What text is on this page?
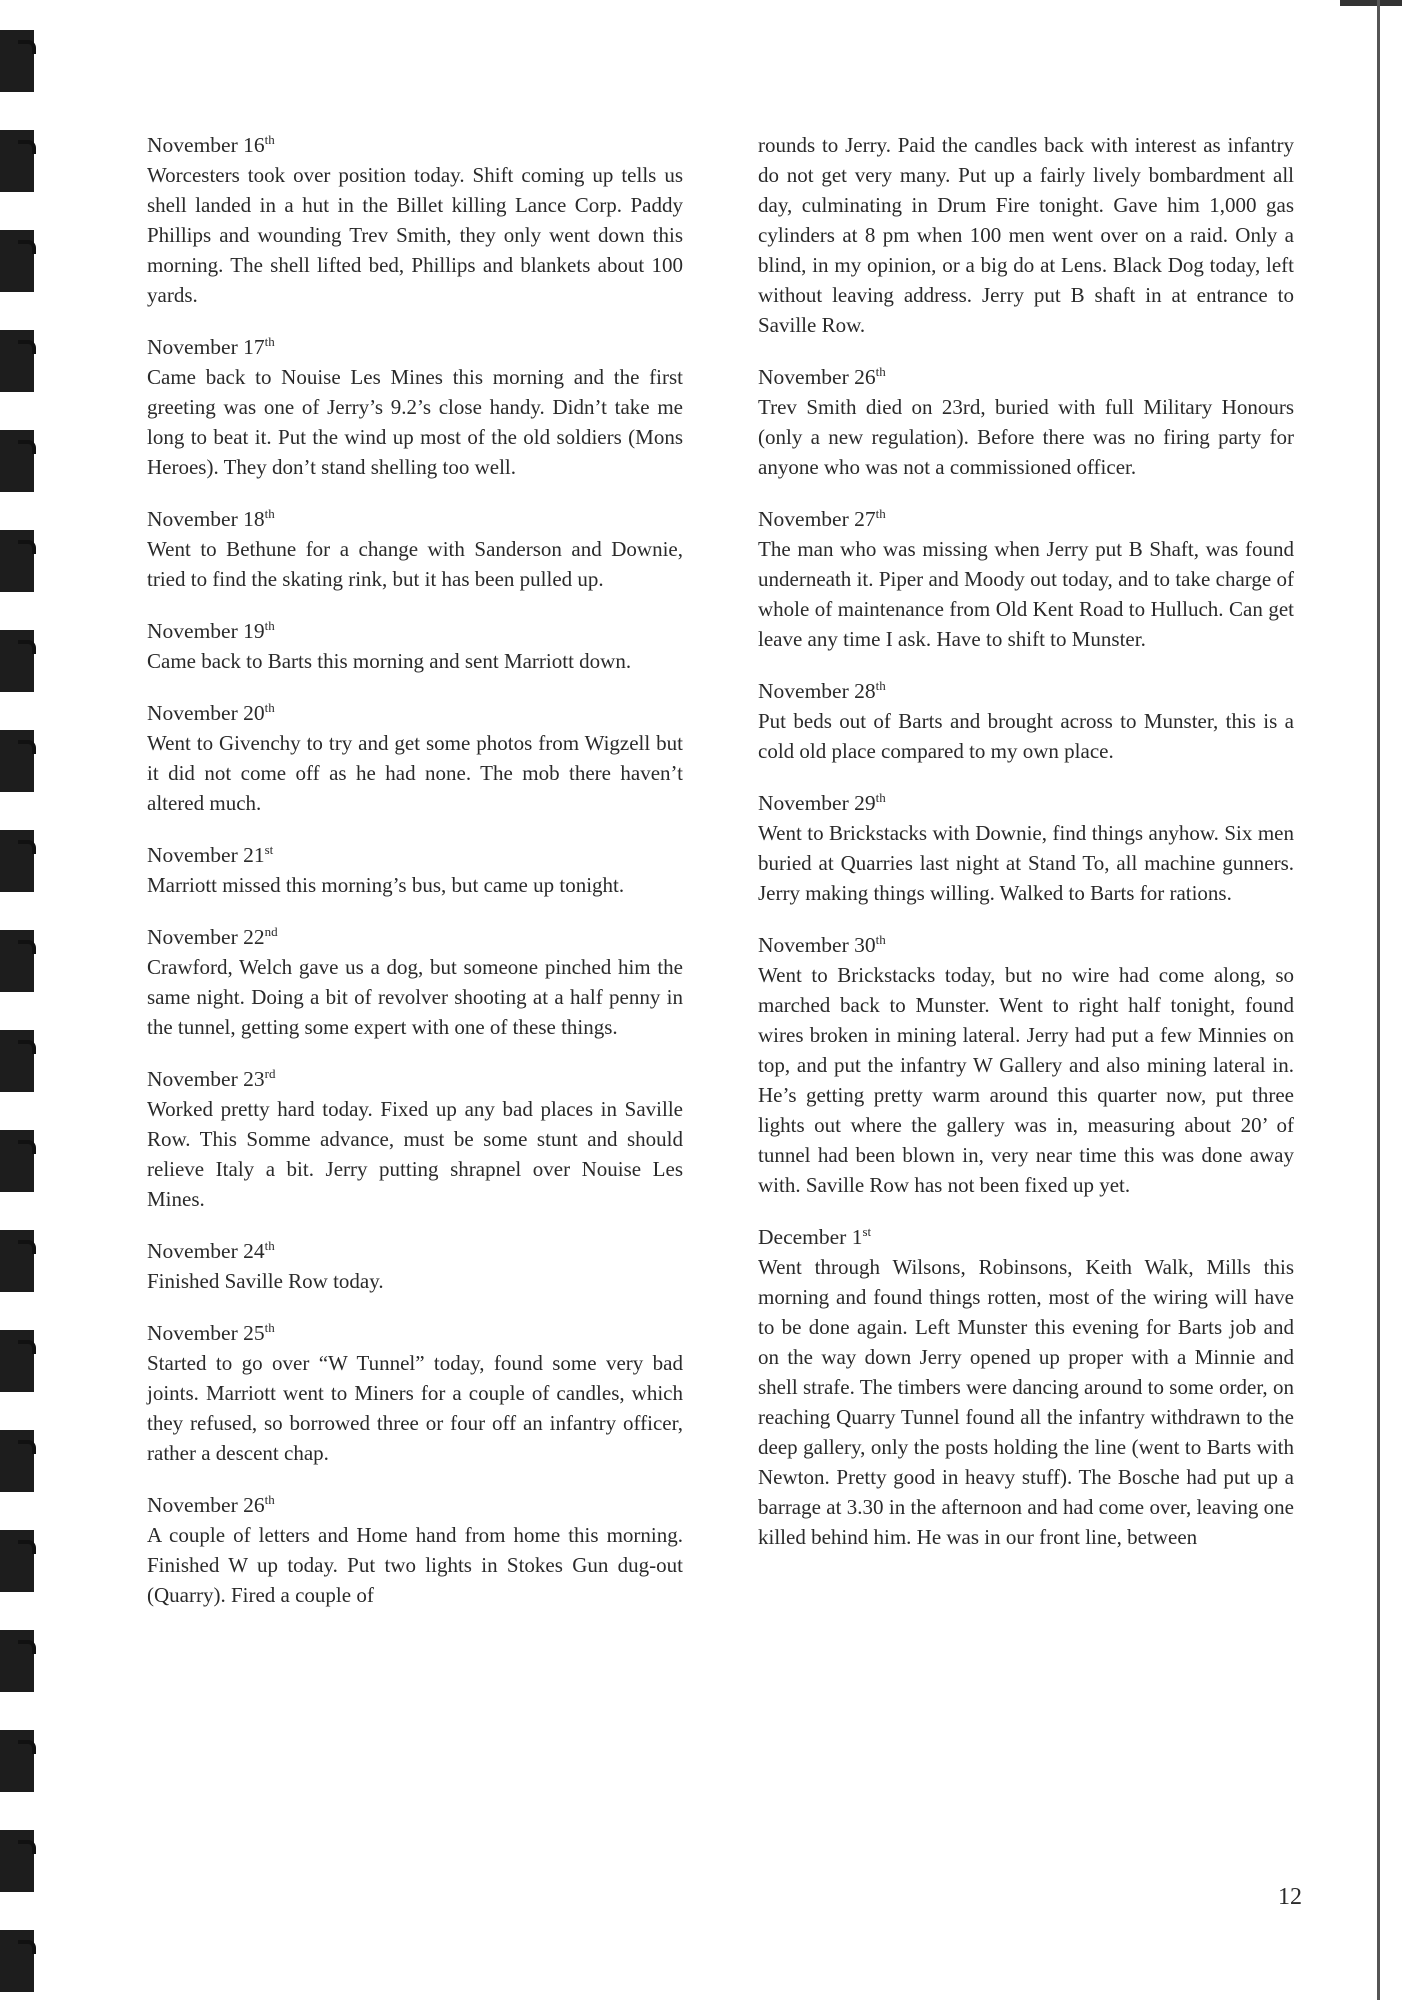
November 16th

Worcesters took over position today. Shift coming up tells us shell landed in a hut in the Billet killing Lance Corp. Paddy Phillips and wounding Trev Smith, they only went down this morning. The shell lifted bed, Phillips and blankets about 100 yards.

November 17th

Came back to Nouise Les Mines this morning and the first greeting was one of Jerry’s 9.2’s close handy. Didn’t take me long to beat it. Put the wind up most of the old soldiers (Mons Heroes). They don’t stand shelling too well.

November 18th

Went to Bethune for a change with Sanderson and Downie, tried to find the skating rink, but it has been pulled up.

November 19th

Came back to Barts this morning and sent Marriott down.

November 20th

Went to Givenchy to try and get some photos from Wigzell but it did not come off as he had none. The mob there haven’t altered much.

November 21st

Marriott missed this morning’s bus, but came up tonight.

November 22nd

Crawford, Welch gave us a dog, but someone pinched him the same night. Doing a bit of revolver shooting at a half penny in the tunnel, getting some expert with one of these things.

November 23rd

Worked pretty hard today. Fixed up any bad places in Saville Row. This Somme advance, must be some stunt and should relieve Italy a bit. Jerry putting shrapnel over Nouise Les Mines.

November 24th

Finished Saville Row today.

November 25th

Started to go over “W Tunnel” today, found some very bad joints. Marriott went to Miners for a couple of candles, which they refused, so borrowed three or four off an infantry officer, rather a descent chap.

November 26th

A couple of letters and Home hand from home this morning. Finished W up today. Put two lights in Stokes Gun dug-out (Quarry). Fired a couple of

rounds to Jerry. Paid the candles back with interest as infantry do not get very many. Put up a fairly lively bombardment all day, culminating in Drum Fire tonight. Gave him 1,000 gas cylinders at 8 pm when 100 men went over on a raid. Only a blind, in my opinion, or a big do at Lens. Black Dog today, left without leaving address. Jerry put B shaft in at entrance to Saville Row.

November 26th

Trev Smith died on 23rd, buried with full Military Honours (only a new regulation). Before there was no firing party for anyone who was not a commissioned officer.

November 27th

The man who was missing when Jerry put B Shaft, was found underneath it. Piper and Moody out today, and to take charge of whole of maintenance from Old Kent Road to Hulluch. Can get leave any time I ask. Have to shift to Munster.

November 28th

Put beds out of Barts and brought across to Munster, this is a cold old place compared to my own place.

November 29th

Went to Brickstacks with Downie, find things anyhow. Six men buried at Quarries last night at Stand To, all machine gunners. Jerry making things willing. Walked to Barts for rations.

November 30th

Went to Brickstacks today, but no wire had come along, so marched back to Munster. Went to right half tonight, found wires broken in mining lateral. Jerry had put a few Minnies on top, and put the infantry W Gallery and also mining lateral in. He’s getting pretty warm around this quarter now, put three lights out where the gallery was in, measuring about 20’ of tunnel had been blown in, very near time this was done away with. Saville Row has not been fixed up yet.

December 1st

Went through Wilsons, Robinsons, Keith Walk, Mills this morning and found things rotten, most of the wiring will have to be done again. Left Munster this evening for Barts job and on the way down Jerry opened up proper with a Minnie and shell strafe. The timbers were dancing around to some order, on reaching Quarry Tunnel found all the infantry withdrawn to the deep gallery, only the posts holding the line (went to Barts with Newton. Pretty good in heavy stuff). The Bosche had put up a barrage at 3.30 in the afternoon and had come over, leaving one killed behind him. He was in our front line, between

12
